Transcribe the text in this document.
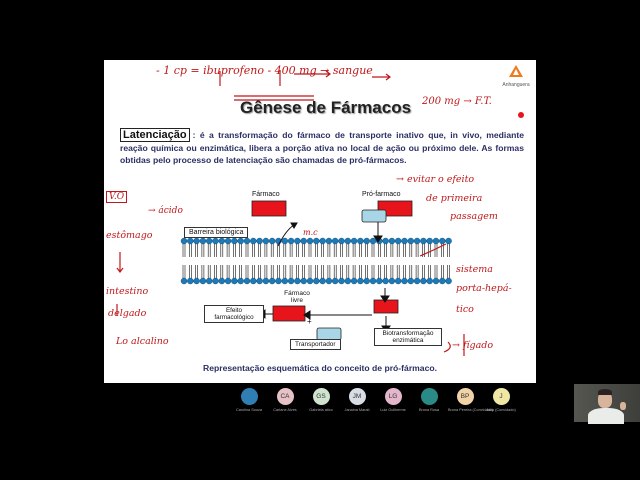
Anhanguera
Gênese de Fármacos
Latenciação : é a transformação do fármaco de transporte inativo que, in vivo, mediante reação química ou enzimática, libera a porção ativa no local de ação ou próximo dele. As formas obtidas pelo processo de latenciação são chamadas de pró-fármacos.
Fármaco	Pró-farmaco
Barreira biológica
Fármaco livre
Efeito farmacológico
Transportador
Biotransformação enzimática
+
- 1 cp = ibuprofeno - 400 mg → sangue
200 mg → F.T.
→ evitar o efeito
de primeira
passagem
V.O
→ ácido
estômago
intestino
delgado
Lo alcalino
m.c
sistema
porta-hepá-
tico
→ fígado
Representação esquemática do conceito de pró-fármaco.
Carolina Souza
CA
Carlane Alves
GS
Gabriela atico
JM
Janaina Marati
LG
Luiz Guilherme	Bruna Rosa
BP
Bruna Pereira (Convidado)
J
Julia (Convidado)
